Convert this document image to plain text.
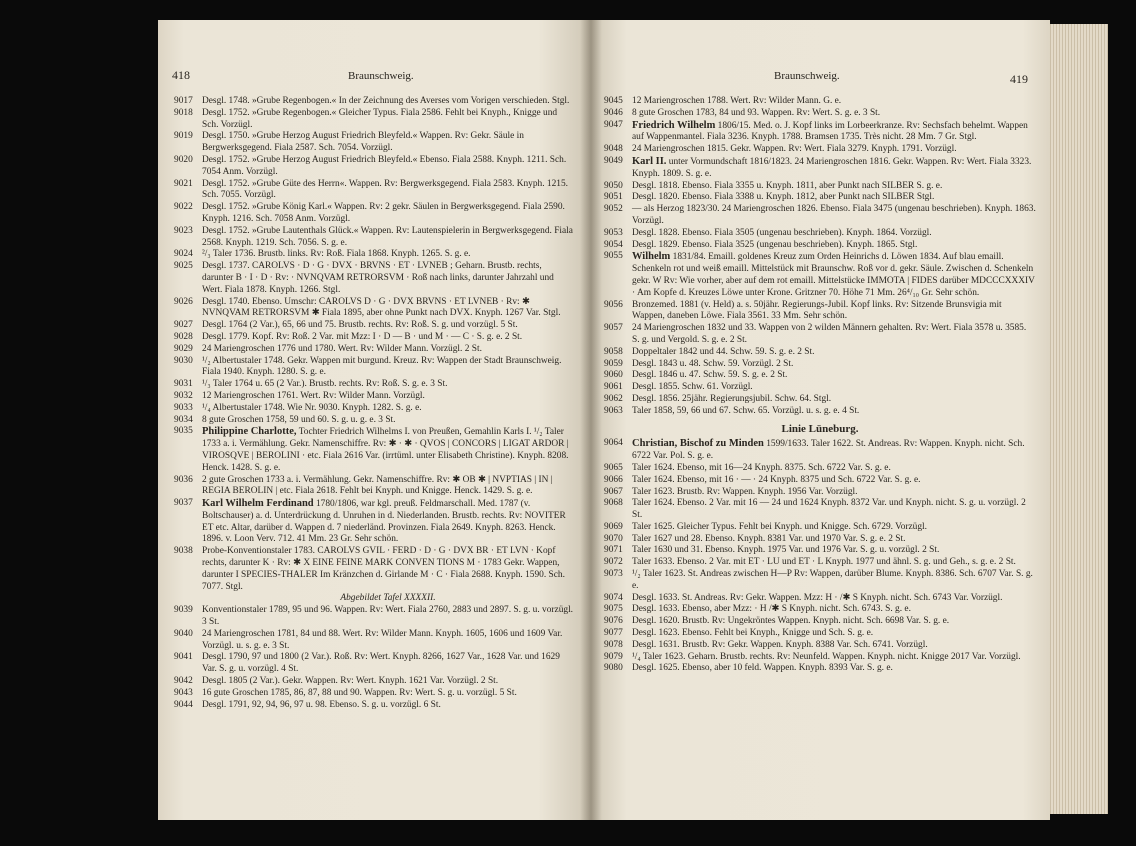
418	Braunschweig.
9017 Desgl. 1748. »Grube Regenbogen.« In der Zeichnung des Averses vom Vorigen verschieden. Stgl.
9018 Desgl. 1752. »Grube Regenbogen.« Gleicher Typus. Fiala 2586. Fehlt bei Knyph., Knigge und Sch. Vorzügl.
9019 Desgl. 1750. »Grube Herzog August Friedrich Bleyfeld.« Wappen. Rv: Gekr. Säule in Bergwerksgegend. Fiala 2587. Sch. 7054. Vorzügl.
9020 Desgl. 1752. »Grube Herzog August Friedrich Bleyfeld.« Ebenso. Fiala 2588. Knyph. 1211. Sch. 7054 Anm. Vorzügl.
9021 Desgl. 1752. »Grube Güte des Herrn«. Wappen. Rv: Bergwerksgegend. Fiala 2583. Knyph. 1215. Sch. 7055. Vorzügl.
9022 Desgl. 1752. »Grube König Karl.« Wappen. Rv: 2 gekr. Säulen in Bergwerksgegend. Fiala 2590. Knyph. 1216. Sch. 7058 Anm. Vorzügl.
9023 Desgl. 1752. »Grube Lautenthals Glück.« Wappen. Rv: Lautenspielerin in Bergwerksgegend. Fiala 2568. Knyph. 1219. Sch. 7056. S. g. e.
9024 ²/₃ Taler 1736. Brustb. links. Rv: Roß. Fiala 1868. Knyph. 1265. S. g. e.
9025 Desgl. 1737. CAROLVS · D · G · DVX · BRVNS · ET · LVNEB ; Geharn. Brustb. rechts, darunter B · I · D · Rv: · NVNQVAM RETRORSVM · Roß nach links, darunter Jahrzahl und Wert. Fiala 1878. Knyph. 1266. Stgl.
9026 Desgl. 1740. Ebenso. Umschr: CAROLVS D · G · DVX BRVNS · ET LVNEB · Rv: ✱ NVNQVAM RETRORSVM ✱ Fiala 1895, aber ohne Punkt nach DVX. Knyph. 1267 Var. Stgl.
9027 Desgl. 1764 (2 Var.), 65, 66 und 75. Brustb. rechts. Rv: Roß. S. g. und vorzügl. 5 St.
9028 Desgl. 1779. Kopf. Rv: Roß. 2 Var. mit Mzz: I · D — B · und M · — C · S. g. e. 2 St.
9029 24 Mariengroschen 1776 und 1780. Wert. Rv: Wilder Mann. Vorzügl. 2 St.
9030 ¹/₂ Albertustaler 1748. Gekr. Wappen mit burgund. Kreuz. Rv: Wappen der Stadt Braunschweig. Fiala 1940. Knyph. 1280. S. g. e.
9031 ¹/₃ Taler 1764 u. 65 (2 Var.). Brustb. rechts. Rv: Roß. S. g. e. 3 St.
9032 12 Mariengroschen 1761. Wert. Rv: Wilder Mann. Vorzügl.
9033 ¹/₄ Albertustaler 1748. Wie Nr. 9030. Knyph. 1282. S. g. e.
9034 8 gute Groschen 1758, 59 und 60. S. g. u. g. e. 3 St.
9035 Philippine Charlotte, Tochter Friedrich Wilhelms I. von Preußen, Gemahlin Karls I. ¹/₂ Taler 1733 a. i. Vermählung. Gekr. Namenschiffre. Rv: ✱ · ✱ · QVOS | CONCORS | LIGAT ARDOR | VIROSQVE | BEROLINI · etc. Fiala 2616 Var. (irrtüml. unter Elisabeth Christine). Knyph. 8208. Henck. 1428. S. g. e.
9036 2 gute Groschen 1733 a. i. Vermählung. Gekr. Namenschiffre. Rv: ✱ OB ✱ | NVPTIAS | IN | REGIA BEROLIN | etc. Fiala 2618. Fehlt bei Knyph. und Knigge. Henck. 1429. S. g. e.
9037 Karl Wilhelm Ferdinand 1780/1806, war kgl. preuß. Feldmarschall. Med. 1787 (v. Boltschauser) a. d. Unterdrückung d. Unruhen in d. Niederlanden. Brustb. rechts. Rv: NOVITER ET etc. Altar, darüber d. Wappen d. 7 niederländ. Provinzen. Fiala 2649. Knyph. 8263. Henck. 1896. v. Loon Verv. 712. 41 Mm. 23 Gr. Sehr schön.
9038 Probe-Konventionstaler 1783. CAROLVS GVIL · FERD · D · G · DVX BR · ET LVN · Kopf rechts, darunter K · Rv: ✱ X EINE FEINE MARK CONVEN TIONS M · 1783 Gekr. Wappen, darunter I SPECIES-THALER Im Kränzchen d. Girlande M · C · Fiala 2688. Knyph. 1590. Sch. 7077. Stgl.
Abgebildet Tafel XXXXII.
9039 Konventionstaler 1789, 95 und 96. Wappen. Rv: Wert. Fiala 2760, 2883 und 2897. S. g. u. vorzügl. 3 St.
9040 24 Mariengroschen 1781, 84 und 88. Wert. Rv: Wilder Mann. Knyph. 1605, 1606 und 1609 Var. Vorzügl. u. s. g. e. 3 St.
9041 Desgl. 1790, 97 und 1800 (2 Var.). Roß. Rv: Wert. Knyph. 8266, 1627 Var., 1628 Var. und 1629 Var. S. g. u. vorzügl. 4 St.
9042 Desgl. 1805 (2 Var.). Gekr. Wappen. Rv: Wert. Knyph. 1621 Var. Vorzügl. 2 St.
9043 16 gute Groschen 1785, 86, 87, 88 und 90. Wappen. Rv: Wert. S. g. u. vorzügl. 5 St.
9044 Desgl. 1791, 92, 94, 96, 97 u. 98. Ebenso. S. g. u. vorzügl. 6 St.
Braunschweig.	419
9045 12 Mariengroschen 1788. Wert. Rv: Wilder Mann. G. e.
9046 8 gute Groschen 1783, 84 und 93. Wappen. Rv: Wert. S. g. e. 3 St.
9047 Friedrich Wilhelm 1806/15. Med. o. J. Kopf links im Lorbeerkranze. Rv: Sechsfach behelmt. Wappen auf Wappenmantel. Fiala 3236. Knyph. 1788. Bramsen 1735. Très nicht. 28 Mm. 7 Gr. Stgl.
9048 24 Mariengroschen 1815. Gekr. Wappen. Rv: Wert. Fiala 3279. Knyph. 1791. Vorzügl.
9049 Karl II. unter Vormundschaft 1816/1823. 24 Mariengroschen 1816. Gekr. Wappen. Rv: Wert. Fiala 3323. Knyph. 1809. S. g. e.
9050 Desgl. 1818. Ebenso. Fiala 3355 u. Knyph. 1811, aber Punkt nach SILBER S. g. e.
9051 Desgl. 1820. Ebenso. Fiala 3388 u. Knyph. 1812, aber Punkt nach SILBER Stgl.
9052 — als Herzog 1823/30. 24 Mariengroschen 1826. Ebenso. Fiala 3475 (ungenau beschrieben). Knyph. 1863. Vorzügl.
9053 Desgl. 1828. Ebenso. Fiala 3505 (ungenau beschrieben). Knyph. 1864. Vorzügl.
9054 Desgl. 1829. Ebenso. Fiala 3525 (ungenau beschrieben). Knyph. 1865. Stgl.
9055 Wilhelm 1831/84. Emaill. goldenes Kreuz zum Orden Heinrichs d. Löwen 1834. Auf blau emaill. Schenkeln rot und weiß emaill. Mittelstück mit Braunschw. Roß vor d. gekr. Säule. Zwischen d. Schenkeln gekr. W Rv: Wie vorher, aber auf dem rot emaill. Mittelstücke IMMOTA | FIDES darüber MDCCCXXXIV · Am Kopfe d. Kreuzes Löwe unter Krone. Gritzner 70. Höhe 71 Mm. 26⁴/₁₀ Gr. Sehr schön.
9056 Bronzemed. 1881 (v. Held) a. s. 50jähr. Regierungs-Jubil. Kopf links. Rv: Sitzende Brunsvigia mit Wappen, daneben Löwe. Fiala 3561. 33 Mm. Sehr schön.
9057 24 Mariengroschen 1832 und 33. Wappen von 2 wilden Männern gehalten. Rv: Wert. Fiala 3578 u. 3585. S. g. und Vergold. S. g. e. 2 St.
9058 Doppeltaler 1842 und 44. Schw. 59. S. g. e. 2 St.
9059 Desgl. 1843 u. 48. Schw. 59. Vorzügl. 2 St.
9060 Desgl. 1846 u. 47. Schw. 59. S. g. e. 2 St.
9061 Desgl. 1855. Schw. 61. Vorzügl.
9062 Desgl. 1856. 25jähr. Regierungsjubil. Schw. 64. Stgl.
9063 Taler 1858, 59, 66 und 67. Schw. 65. Vorzügl. u. s. g. e. 4 St.
Linie Lüneburg.
9064 Christian, Bischof zu Minden 1599/1633. Taler 1622. St. Andreas. Rv: Wappen. Knyph. nicht. Sch. 6722 Var. Pol. S. g. e.
9065 Taler 1624. Ebenso, mit 16—24 Knyph. 8375. Sch. 6722 Var. S. g. e.
9066 Taler 1624. Ebenso, mit 16 · — · 24 Knyph. 8375 und Sch. 6722 Var. S. g. e.
9067 Taler 1623. Brustb. Rv: Wappen. Knyph. 1956 Var. Vorzügl.
9068 Taler 1624. Ebenso. 2 Var. mit 16 — 24 und 1624 Knyph. 8372 Var. und Knyph. nicht. S. g. u. vorzügl. 2 St.
9069 Taler 1625. Gleicher Typus. Fehlt bei Knyph. und Knigge. Sch. 6729. Vorzügl.
9070 Taler 1627 und 28. Ebenso. Knyph. 8381 Var. und 1970 Var. S. g. e. 2 St.
9071 Taler 1630 und 31. Ebenso. Knyph. 1975 Var. und 1976 Var. S. g. u. vorzügl. 2 St.
9072 Taler 1633. Ebenso. 2 Var. mit ET · LU und ET · L Knyph. 1977 und ähnl. S. g. und Geh., s. g. e. 2 St.
9073 ¹/₂ Taler 1623. St. Andreas zwischen H—P Rv: Wappen, darüber Blume. Knyph. 8386. Sch. 6707 Var. S. g. e.
9074 Desgl. 1633. St. Andreas. Rv: Gekr. Wappen. Mzz: H · /✱ S Knyph. nicht. Sch. 6743 Var. Vorzügl.
9075 Desgl. 1633. Ebenso, aber Mzz: · H /✱ S Knyph. nicht. Sch. 6743. S. g. e.
9076 Desgl. 1620. Brustb. Rv: Ungekröntes Wappen. Knyph. nicht. Sch. 6698 Var. S. g. e.
9077 Desgl. 1623. Ebenso. Fehlt bei Knyph., Knigge und Sch. S. g. e.
9078 Desgl. 1631. Brustb. Rv: Gekr. Wappen. Knyph. 8388 Var. Sch. 6741. Vorzügl.
9079 ¹/₄ Taler 1623. Geharn. Brustb. rechts. Rv: Neunfeld. Wappen. Knyph. nicht. Knigge 2017 Var. Vorzügl.
9080 Desgl. 1625. Ebenso, aber 10 feld. Wappen. Knyph. 8393 Var. S. g. e.
